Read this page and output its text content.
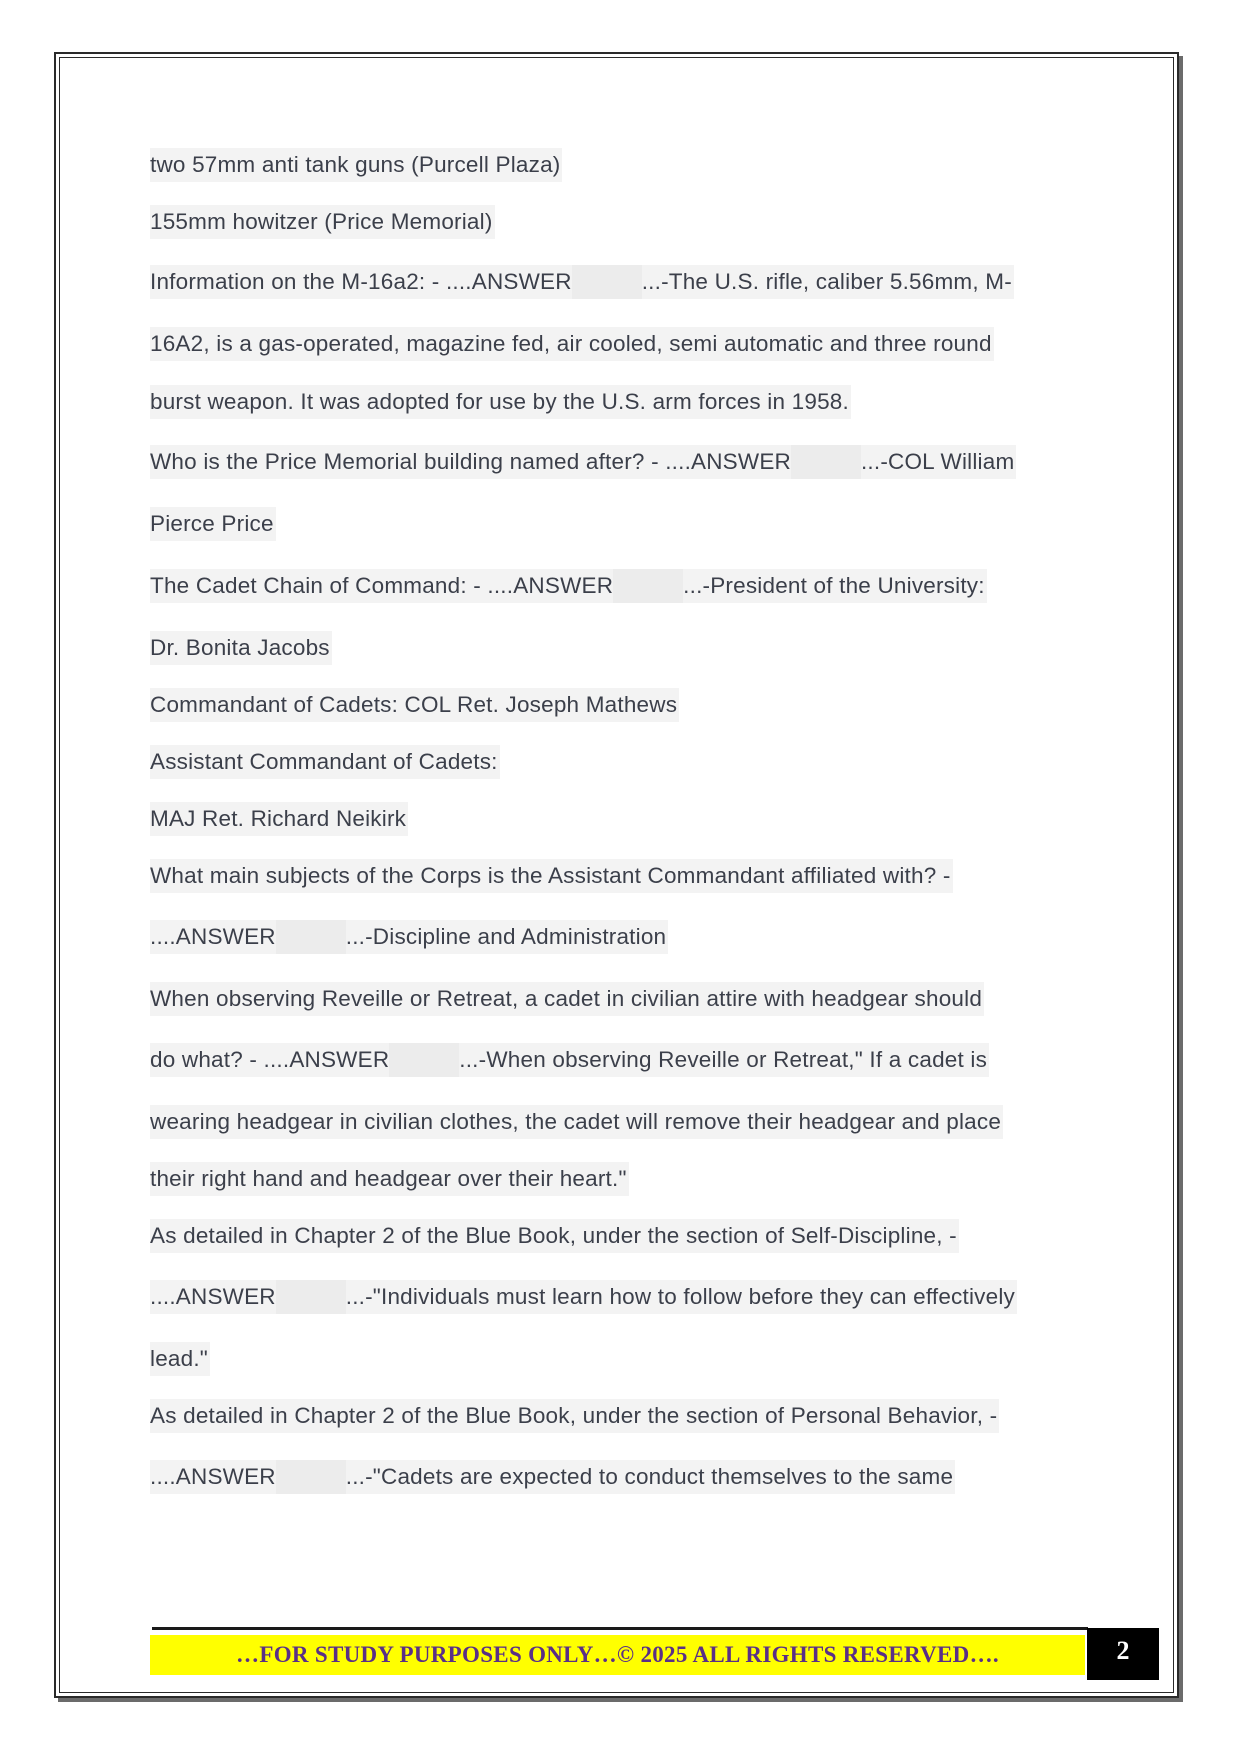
two 57mm anti tank guns (Purcell Plaza)
155mm howitzer (Price Memorial)
Information on the M-16a2: - ....ANSWER	...-The U.S. rifle, caliber 5.56mm, M-
16A2, is a gas-operated, magazine fed, air cooled, semi automatic and three round
burst weapon. It was adopted for use by the U.S. arm forces in 1958.
Who is the Price Memorial building named after? - ....ANSWER	...-COL William
Pierce Price
The Cadet Chain of Command: - ....ANSWER	...-President of the University:
Dr. Bonita Jacobs
Commandant of Cadets: COL Ret. Joseph Mathews
Assistant Commandant of Cadets:
MAJ Ret. Richard Neikirk
What main subjects of the Corps is the Assistant Commandant affiliated with? -
....ANSWER	...-Discipline and Administration
When observing Reveille or Retreat, a cadet in civilian attire with headgear should
do what? - ....ANSWER	...-When observing Reveille or Retreat," If a cadet is
wearing headgear in civilian clothes, the cadet will remove their headgear and place
their right hand and headgear over their heart."
As detailed in Chapter 2 of the Blue Book, under the section of Self-Discipline, -
....ANSWER	...-"Individuals must learn how to follow before they can effectively
lead."
As detailed in Chapter 2 of the Blue Book, under the section of Personal Behavior, -
....ANSWER	...-"Cadets are expected to conduct themselves to the same
…FOR STUDY PURPOSES ONLY…© 2025 ALL RIGHTS RESERVED….	2
